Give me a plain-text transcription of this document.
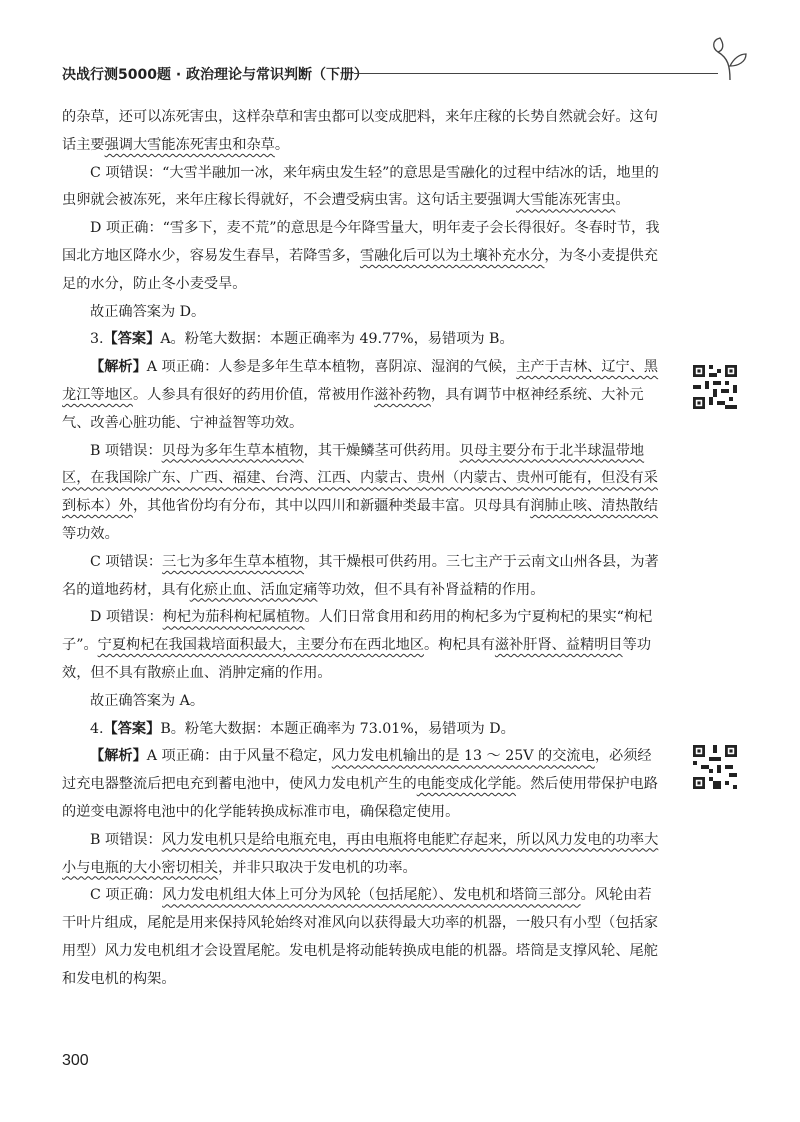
决战行测5000题 · 政治理论与常识判断（下册）

的杂草，还可以冻死害虫，这样杂草和害虫都可以变成肥料，来年庄稼的长势自然就会好。这句话主要强调大雪能冻死害虫和杂草。

C 项错误：“大雪半融加一冰，来年病虫发生轻”的意思是雪融化的过程中结冰的话，地里的虫卵就会被冻死，来年庄稼长得就好，不会遭受病虫害。这句话主要强调大雪能冻死害虫。

D 项正确：“雪多下，麦不荒”的意思是今年降雪量大，明年麦子会长得很好。冬春时节，我国北方地区降水少，容易发生春旱，若降雪多，雪融化后可以为土壤补充水分，为冬小麦提供充足的水分，防止冬小麦受旱。

故正确答案为 D。

3.【答案】A。粉笔大数据：本题正确率为 49.77%，易错项为 B。

【解析】A 项正确：人参是多年生草本植物，喜阴凉、湿润的气候，主产于吉林、辽宁、黑龙江等地区。人参具有很好的药用价值，常被用作滋补药物，具有调节中枢神经系统、大补元气、改善心脏功能、宁神益智等功效。

B 项错误：贝母为多年生草本植物，其干燥鳞茎可供药用。贝母主要分布于北半球温带地区，在我国除广东、广西、福建、台湾、江西、内蒙古、贵州（内蒙古、贵州可能有，但没有采到标本）外，其他省份均有分布，其中以四川和新疆种类最丰富。贝母具有润肺止咳、清热散结等功效。

C 项错误：三七为多年生草本植物，其干燥根可供药用。三七主产于云南文山州各县，为著名的道地药材，具有化瘀止血、活血定痛等功效，但不具有补肾益精的作用。

D 项错误：枸杞为茄科枸杞属植物。人们日常食用和药用的枸杞多为宁夏枸杞的果实“枸杞子”。宁夏枸杞在我国栽培面积最大，主要分布在西北地区。枸杞具有滋补肝肾、益精明目等功效，但不具有散瘀止血、消肿定痛的作用。

故正确答案为 A。

4.【答案】B。粉笔大数据：本题正确率为 73.01%，易错项为 D。

【解析】A 项正确：由于风量不稳定，风力发电机输出的是 13 ～ 25V 的交流电，必须经过充电器整流后把电充到蓄电池中，使风力发电机产生的电能变成化学能。然后使用带保护电路的逆变电源将电池中的化学能转换成标准市电，确保稳定使用。

B 项错误：风力发电机只是给电瓶充电，再由电瓶将电能贮存起来，所以风力发电的功率大小与电瓶的大小密切相关，并非只取决于发电机的功率。

C 项正确：风力发电机组大体上可分为风轮（包括尾舵）、发电机和塔筒三部分。风轮由若干叶片组成，尾舵是用来保持风轮始终对准风向以获得最大功率的机器，一般只有小型（包括家用型）风力发电机组才会设置尾舵。发电机是将动能转换成电能的机器。塔筒是支撑风轮、尾舵和发电机的构架。

300
